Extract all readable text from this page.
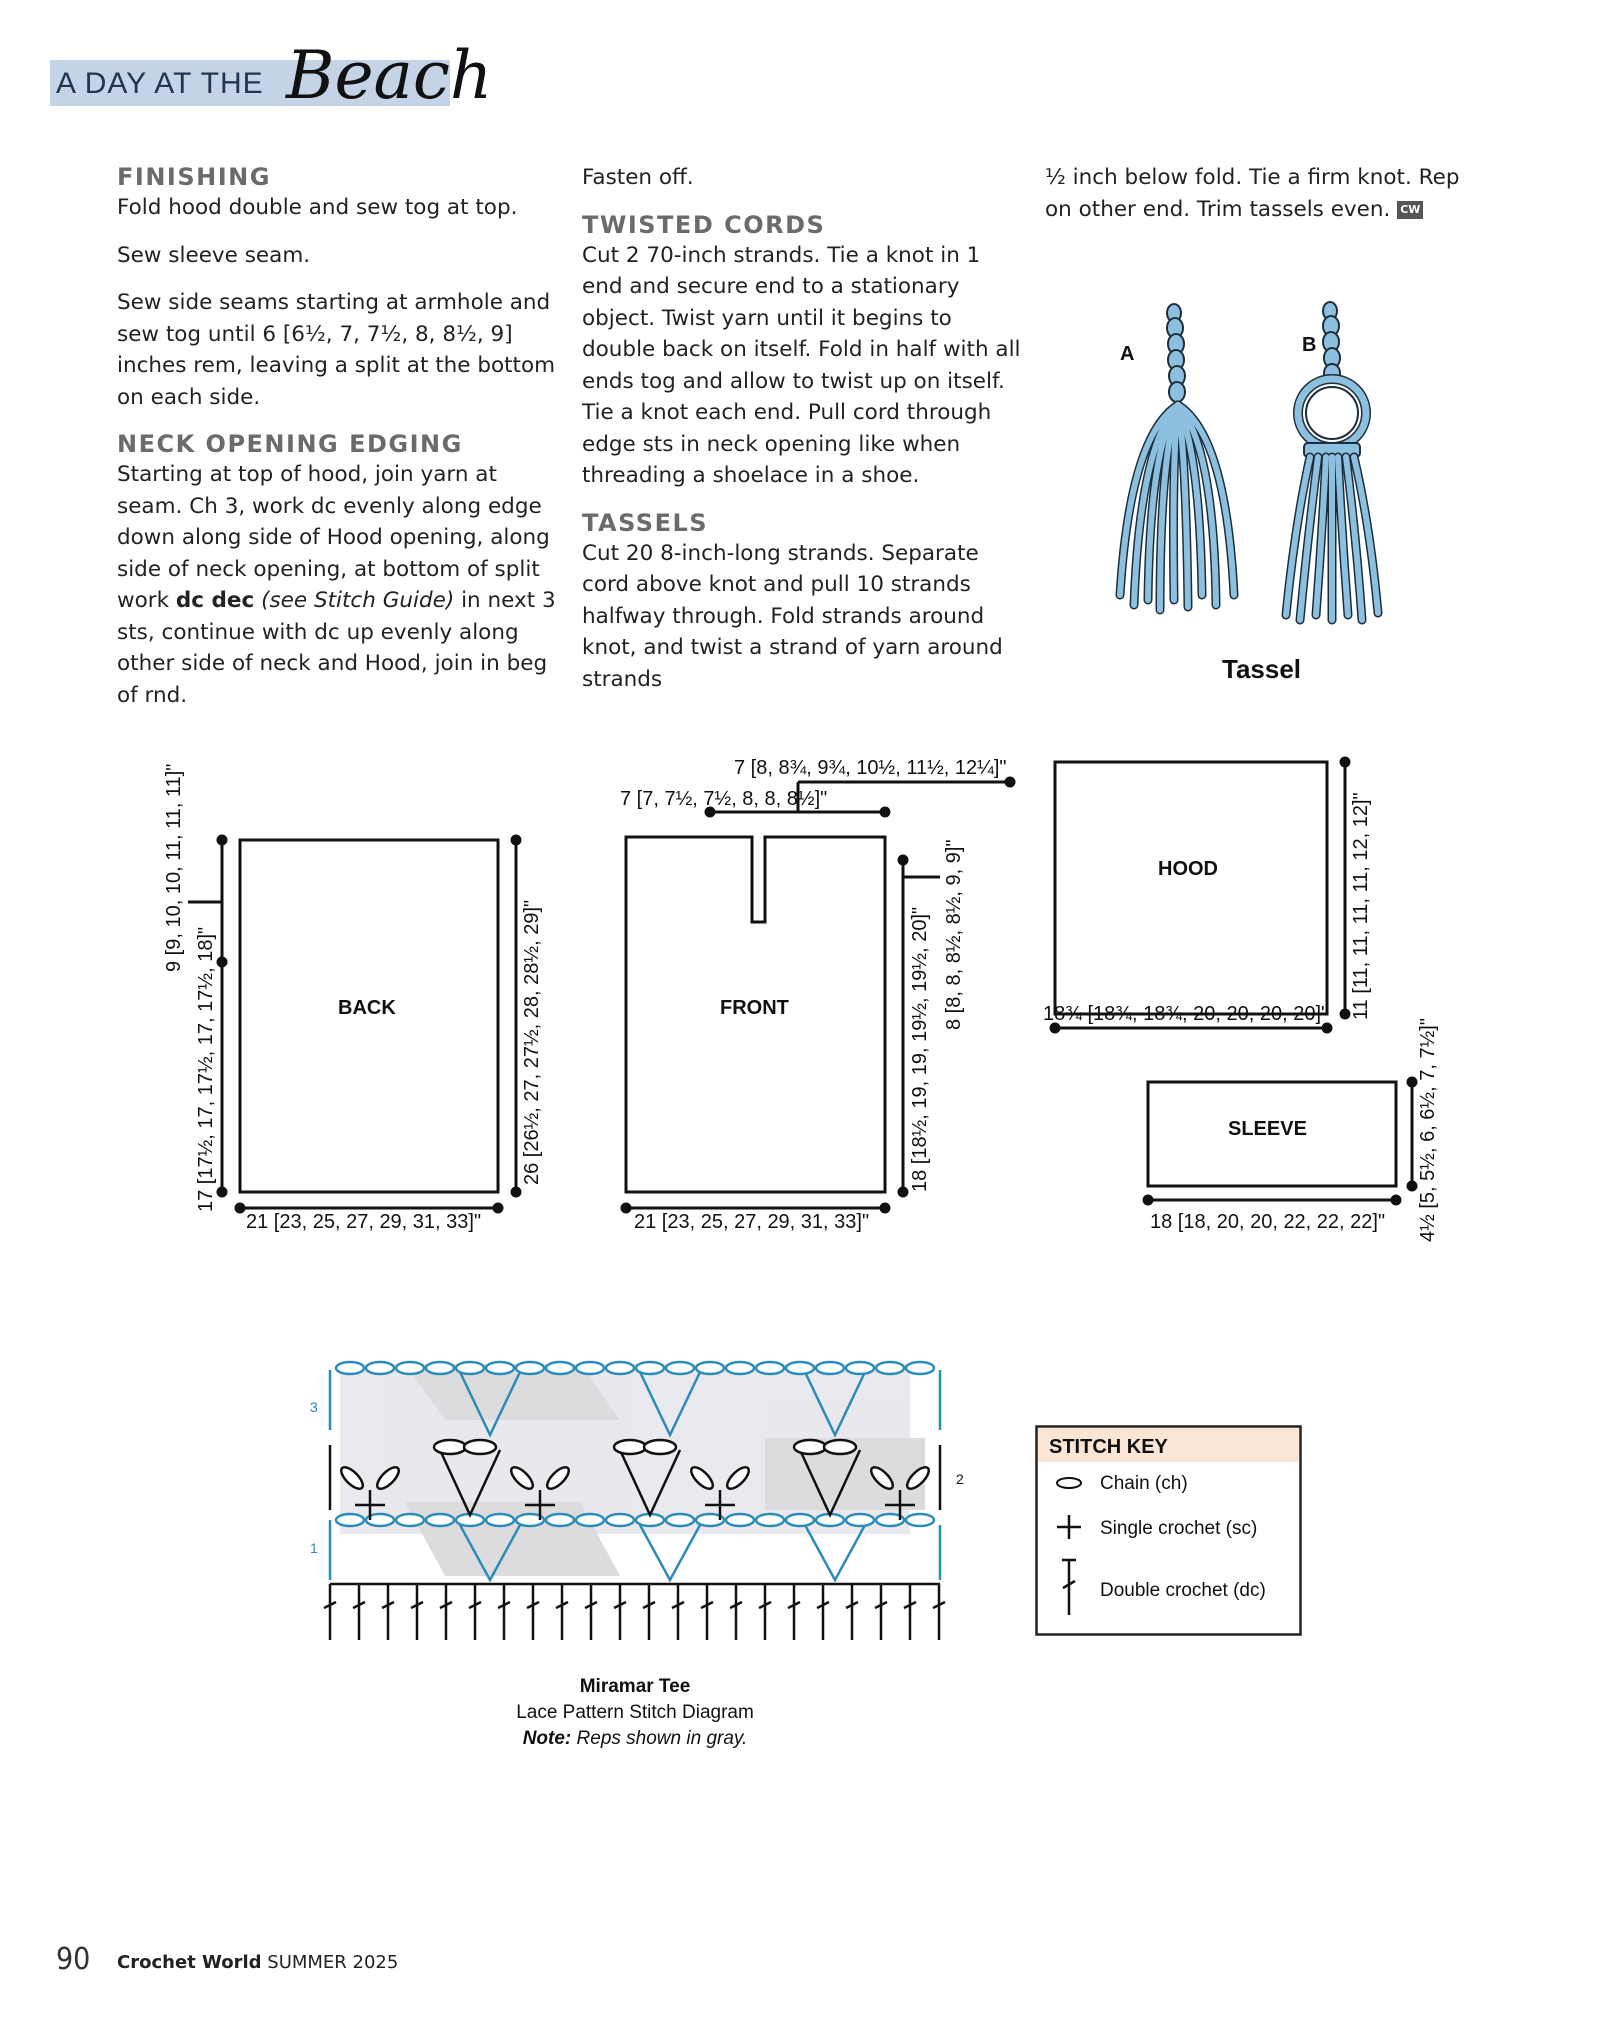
A DAY AT THE Beach
FINISHING

Fold hood double and sew tog at top.

Sew sleeve seam.

Sew side seams starting at armhole and sew tog until 6 [6½, 7, 7½, 8, 8½, 9] inches rem, leaving a split at the bottom on each side.

NECK OPENING EDGING

Starting at top of hood, join yarn at seam. Ch 3, work dc evenly along edge down along side of Hood opening, along side of neck opening, at bottom of split work dc dec (see Stitch Guide) in next 3 sts, continue with dc up evenly along other side of neck and Hood, join in beg of rnd.

Fasten off.

TWISTED CORDS

Cut 2 70-inch strands. Tie a knot in 1 end and secure end to a stationary object. Twist yarn until it begins to double back on itself. Fold in half with all ends tog and allow to twist up on itself. Tie a knot each end. Pull cord through edge sts in neck opening like when threading a shoelace in a shoe.

TASSELS

Cut 20 8-inch-long strands. Separate cord above knot and pull 10 strands halfway through. Fold strands around knot, and twist a strand of yarn around strands

½ inch below fold. Tie a firm knot. Rep on other end. Trim tassels even. CW

A	B
Tassel
BACK
21 [23, 25, 27, 29, 31, 33]"
26 [26½, 27, 27½, 28, 28½, 29]"
9 [9, 10, 10, 11, 11, 11]"
17 [17½, 17, 17½, 17, 17½, 18]"	FRONT
7 [8, 8¾, 9¾, 10½, 11½, 12¼]"
7 [7, 7½, 7½, 8, 8, 8½]"
21 [23, 25, 27, 29, 31, 33]"
18 [18½, 19, 19, 19½, 19½, 20]" 8 [8, 8, 8½, 8½, 9, 9]"	HOOD
18¾ [18¾, 18¾, 20, 20, 20, 20]" 11 [11, 11, 11, 11, 12, 12]"
SLEEVE
18 [18, 20, 20, 22, 22, 22]" 4½ [5, 5½, 6, 6½, 7, 7½]"
3
2
1
Miramar Tee
Lace Pattern Stitch Diagram
Note: Reps shown in gray.
STITCH KEY
Chain (ch)
Single crochet (sc)
Double crochet (dc)
90 Crochet World SUMMER 2025
